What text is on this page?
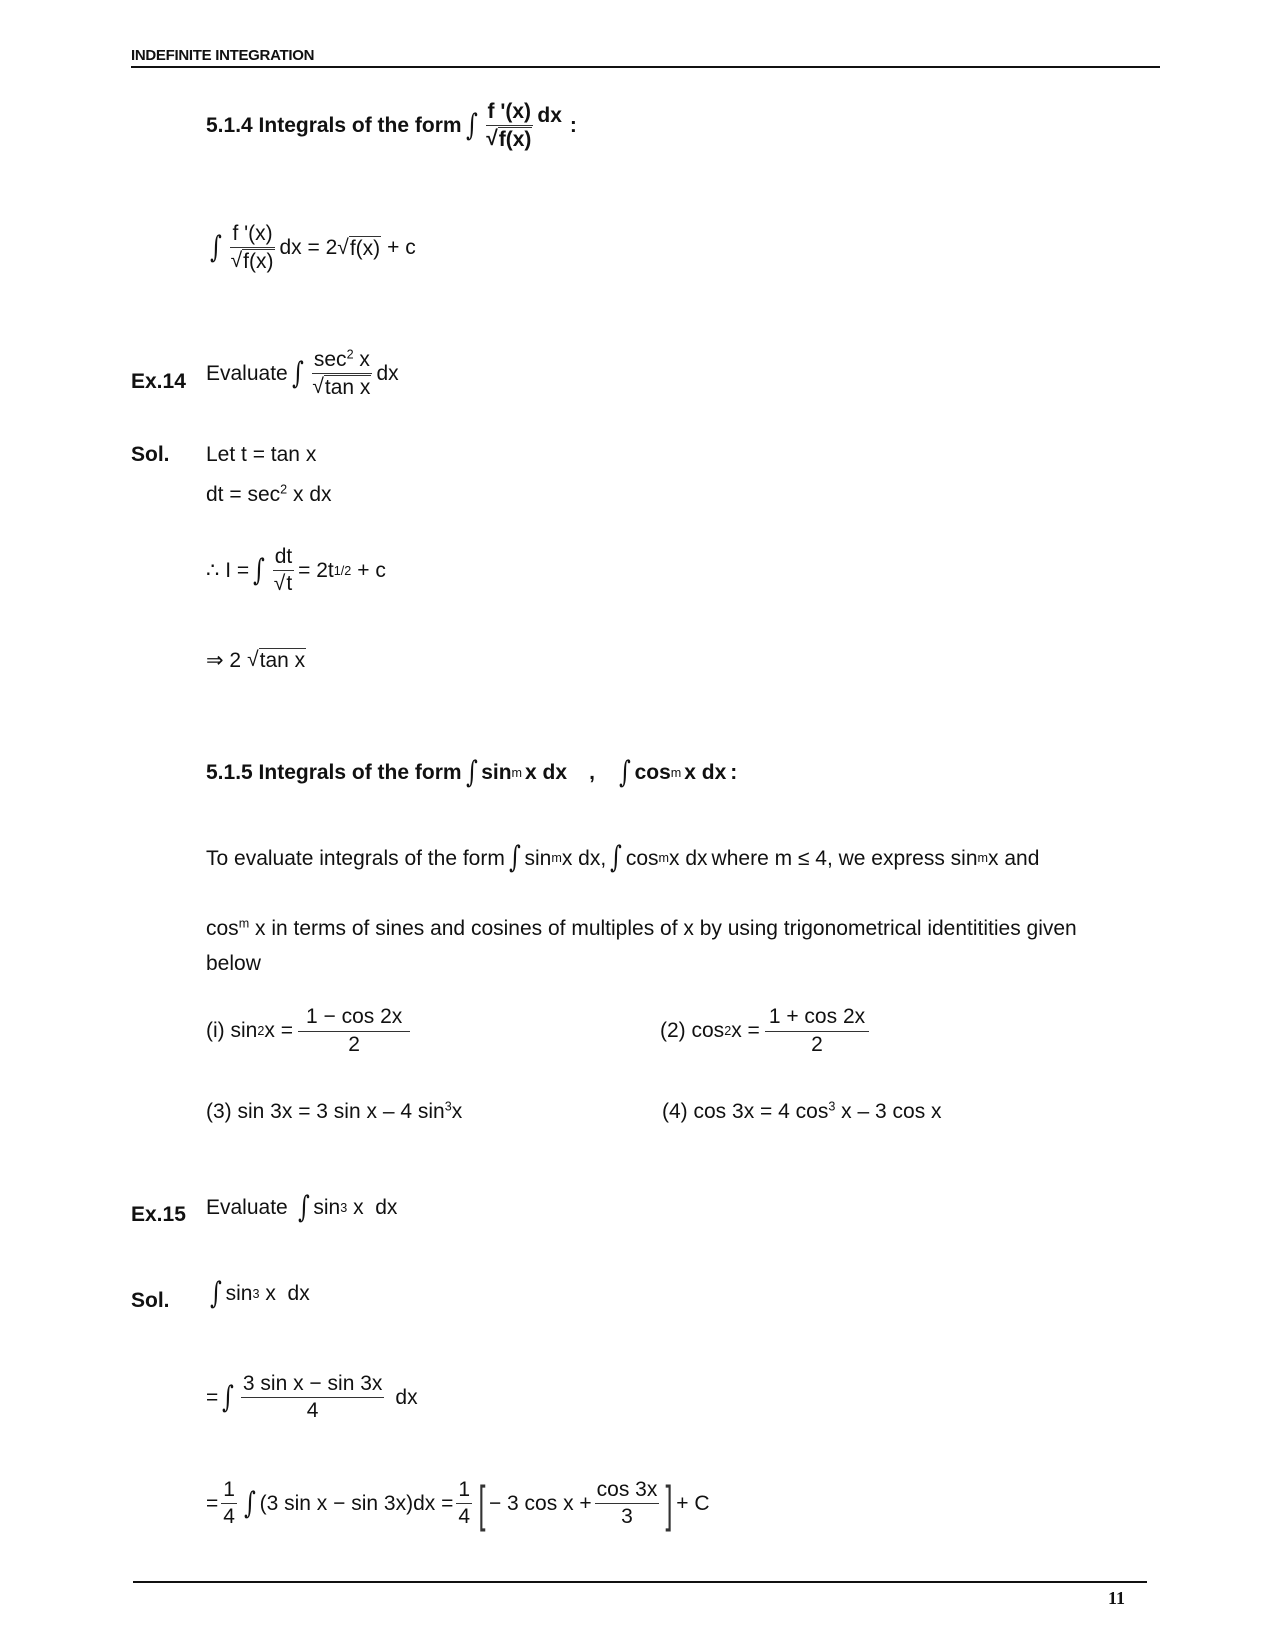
INDEFINITE INTEGRATION
5.1.4 Integrals of the form ∫ $\frac{f '(x)}{√ f(x)}$ dx :
∫ $\frac{f '(x)}{√ f(x)}$ dx = 2 √ f(x) + c
Ex.14 Evaluate ∫ $\frac{\sec^2 x}{\text{√ tan x}}$ dx
Sol. Let t = tan x
dt = $\sec^2 x$ dx
∴ I = ∫ $\frac{dt}{√ t} = 2t$ 1/2 + c
⇒ 2 √ tan x
5.1.5 Integrals of the form ∫ sin m x dx , ∫ cos m x dx :
To evaluate integrals of the form ∫ sin m x dx, ∫ cos m x dx where m ≤ 4, we express sin m x and
$\cos^m x$ in terms of sines and cosines of multiples of x by using trigonometrical identitities given
below
(i) sin 2 $x = \frac{1 - \cos 2x}{2}$	(2) cos 2 $x = \frac{1 + \cos 2x}{2}$
(3) sin 3x = 3 sin x – 4 $\sin^3x$	(4) cos 3x = 4 $\cos^3 x - 3$ cos x
Ex.15 Evaluate ∫ sin 3 x  dx
Sol. ∫ sin 3 x  dx
= ∫ $\frac{\text{3 sin x − sin 3x}}{4}$ dx
= $\frac{1}{4}$ ∫ (3 $\sin x - \sin 3x)dx = \frac{1}{4}$ [ − 3 $\cos x + \frac{\cos 3x}{3}$ ] + C
11
